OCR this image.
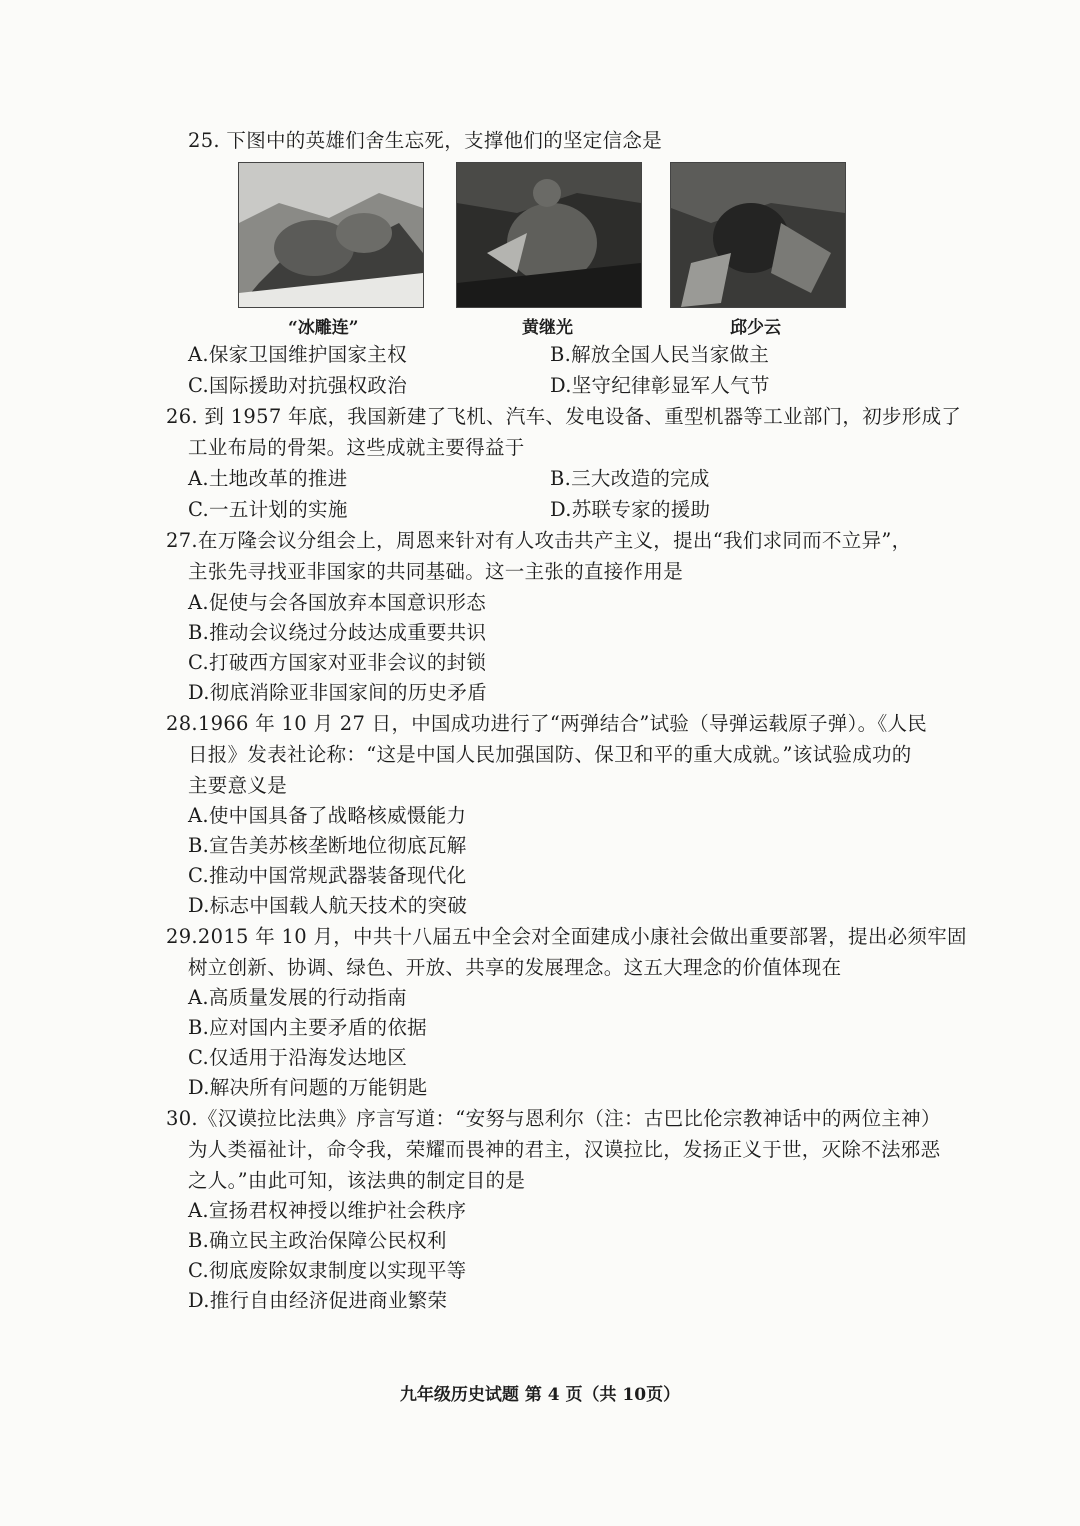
25. 下图中的英雄们舍生忘死，支撑他们的坚定信念是
“冰雕连”	黄继光	邱少云
A.保家卫国维护国家主权	B.解放全国人民当家做主
C.国际援助对抗强权政治	D.坚守纪律彰显军人气节
26. 到 1957 年底，我国新建了飞机、汽车、发电设备、重型机器等工业部门，初步形成了
工业布局的骨架。这些成就主要得益于
A.土地改革的推进	B.三大改造的完成
C.一五计划的实施	D.苏联专家的援助
27.在万隆会议分组会上，周恩来针对有人攻击共产主义，提出“我们求同而不立异”，
主张先寻找亚非国家的共同基础。这一主张的直接作用是
A.促使与会各国放弃本国意识形态
B.推动会议绕过分歧达成重要共识
C.打破西方国家对亚非会议的封锁
D.彻底消除亚非国家间的历史矛盾
28.1966 年 10 月 27 日，中国成功进行了“两弹结合”试验（导弹运载原子弹）。《人民
日报》发表社论称：“这是中国人民加强国防、保卫和平的重大成就。”该试验成功的
主要意义是
A.使中国具备了战略核威慑能力
B.宣告美苏核垄断地位彻底瓦解
C.推动中国常规武器装备现代化
D.标志中国载人航天技术的突破
29.2015 年 10 月，中共十八届五中全会对全面建成小康社会做出重要部署，提出必须牢固
树立创新、协调、绿色、开放、共享的发展理念。这五大理念的价值体现在
A.高质量发展的行动指南
B.应对国内主要矛盾的依据
C.仅适用于沿海发达地区
D.解决所有问题的万能钥匙
30.《汉谟拉比法典》序言写道：“安努与恩利尔（注：古巴比伦宗教神话中的两位主神）
为人类福祉计，命令我，荣耀而畏神的君主，汉谟拉比，发扬正义于世，灭除不法邪恶
之人。”由此可知，该法典的制定目的是
A.宣扬君权神授以维护社会秩序
B.确立民主政治保障公民权利
C.彻底废除奴隶制度以实现平等
D.推行自由经济促进商业繁荣
九年级历史试题 第 4 页（共 10页）
